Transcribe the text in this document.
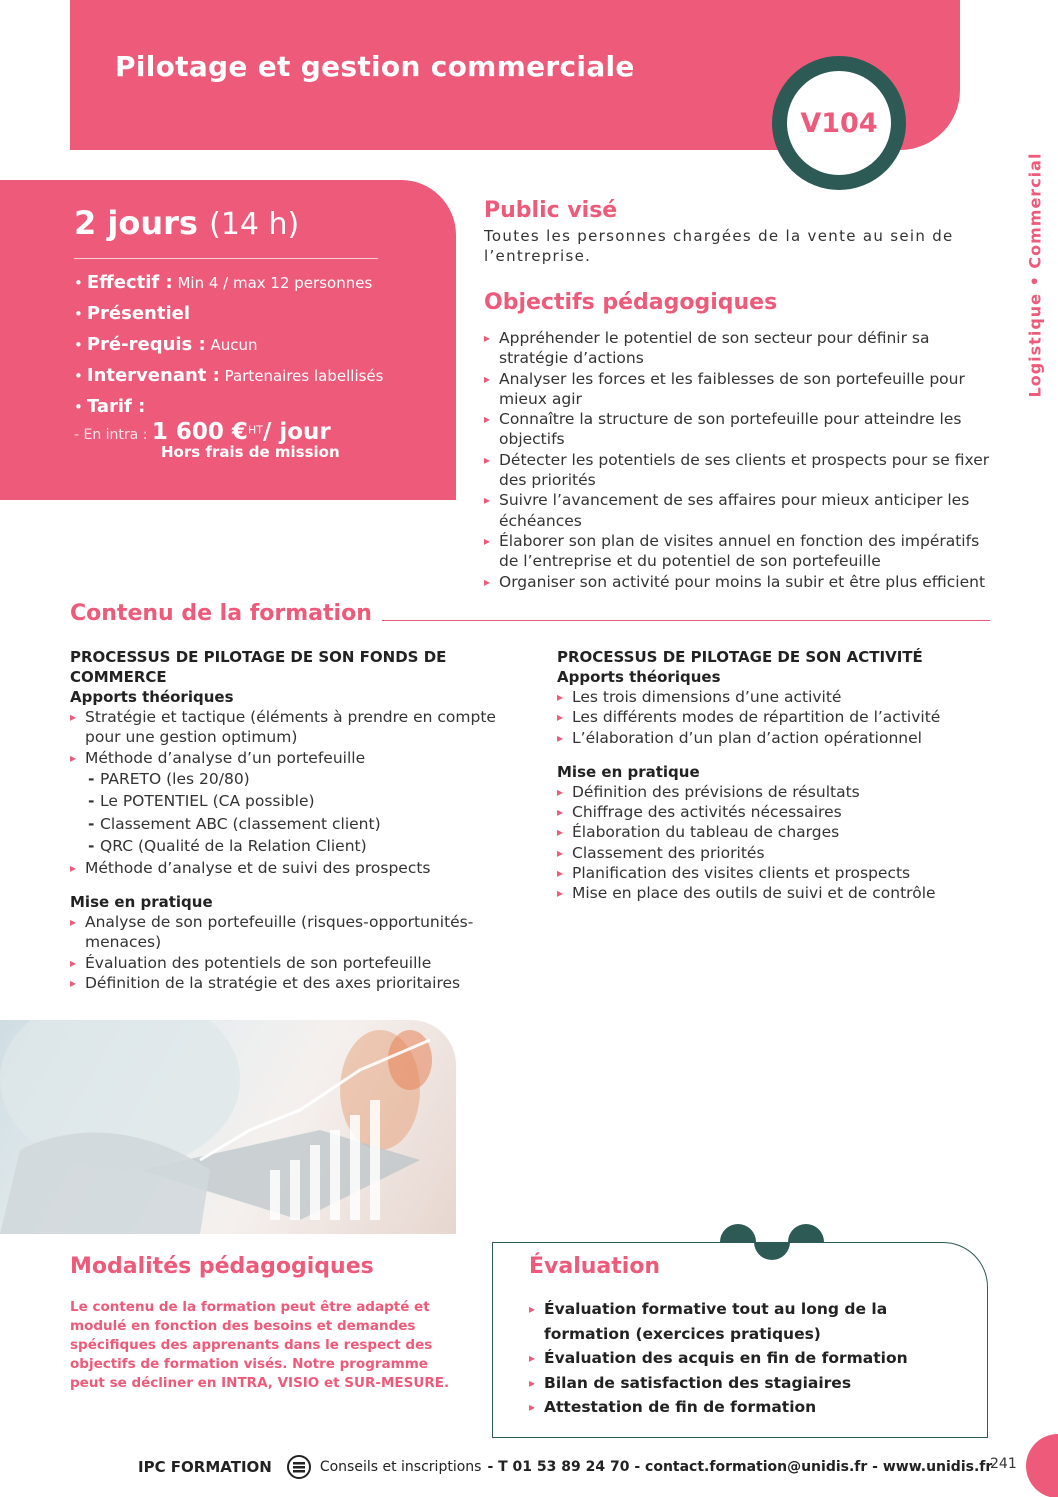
Pilotage et gestion commerciale
V104
Logistique • Commercial
2 jours (14 h)
• Effectif : Min 4 / max 12 personnes
• Présentiel
• Pré-requis : Aucun
• Intervenant : Partenaires labellisés
• Tarif :
- En intra : 1 600 €$^{HT}$/ jour
Hors frais de mission
Public visé

Toutes les personnes chargées de la vente au sein de l’entreprise.

Objectifs pédagogiques
▸ Appréhender le potentiel de son secteur pour définir sa stratégie d’actions
▸ Analyser les forces et les faiblesses de son portefeuille pour mieux agir
▸ Connaître la structure de son portefeuille pour atteindre les objectifs
▸ Détecter les potentiels de ses clients et prospects pour se fixer des priorités
▸ Suivre l’avancement de ses affaires pour mieux anticiper les échéances
▸ Élaborer son plan de visites annuel en fonction des impératifs de l’entreprise et du potentiel de son portefeuille
▸ Organiser son activité pour moins la subir et être plus efficient
Contenu de la formation
PROCESSUS DE PILOTAGE DE SON FONDS DE COMMERCE
Apports théoriques
▸ Stratégie et tactique (éléments à prendre en compte pour une gestion optimum)
▸ Méthode d’analyse d’un portefeuille
- PARETO (les 20/80)
- Le POTENTIEL (CA possible)
- Classement ABC (classement client)
- QRC (Qualité de la Relation Client)
▸ Méthode d’analyse et de suivi des prospects
Mise en pratique
▸ Analyse de son portefeuille (risques-opportunités-menaces)
▸ Évaluation des potentiels de son portefeuille
▸ Définition de la stratégie et des axes prioritaires
PROCESSUS DE PILOTAGE DE SON ACTIVITÉ
Apports théoriques
▸ Les trois dimensions d’une activité
▸ Les différents modes de répartition de l’activité
▸ L’élaboration d’un plan d’action opérationnel
Mise en pratique
▸ Définition des prévisions de résultats
▸ Chiffrage des activités nécessaires
▸ Élaboration du tableau de charges
▸ Classement des priorités
▸ Planification des visites clients et prospects
▸ Mise en place des outils de suivi et de contrôle
Modalités pédagogiques

Le contenu de la formation peut être adapté et modulé en fonction des besoins et demandes spécifiques des apprenants dans le respect des objectifs de formation visés. Notre programme peut se décliner en INTRA, VISIO et SUR-MESURE.

Évaluation
▸ Évaluation formative tout au long de la formation (exercices pratiques)
▸ Évaluation des acquis en fin de formation
▸ Bilan de satisfaction des stagiaires
▸ Attestation de fin de formation
IPC FORMATION	Conseils et inscriptions - T 01 53 89 24 70 - contact.formation@unidis.fr - www.unidis.fr
241
